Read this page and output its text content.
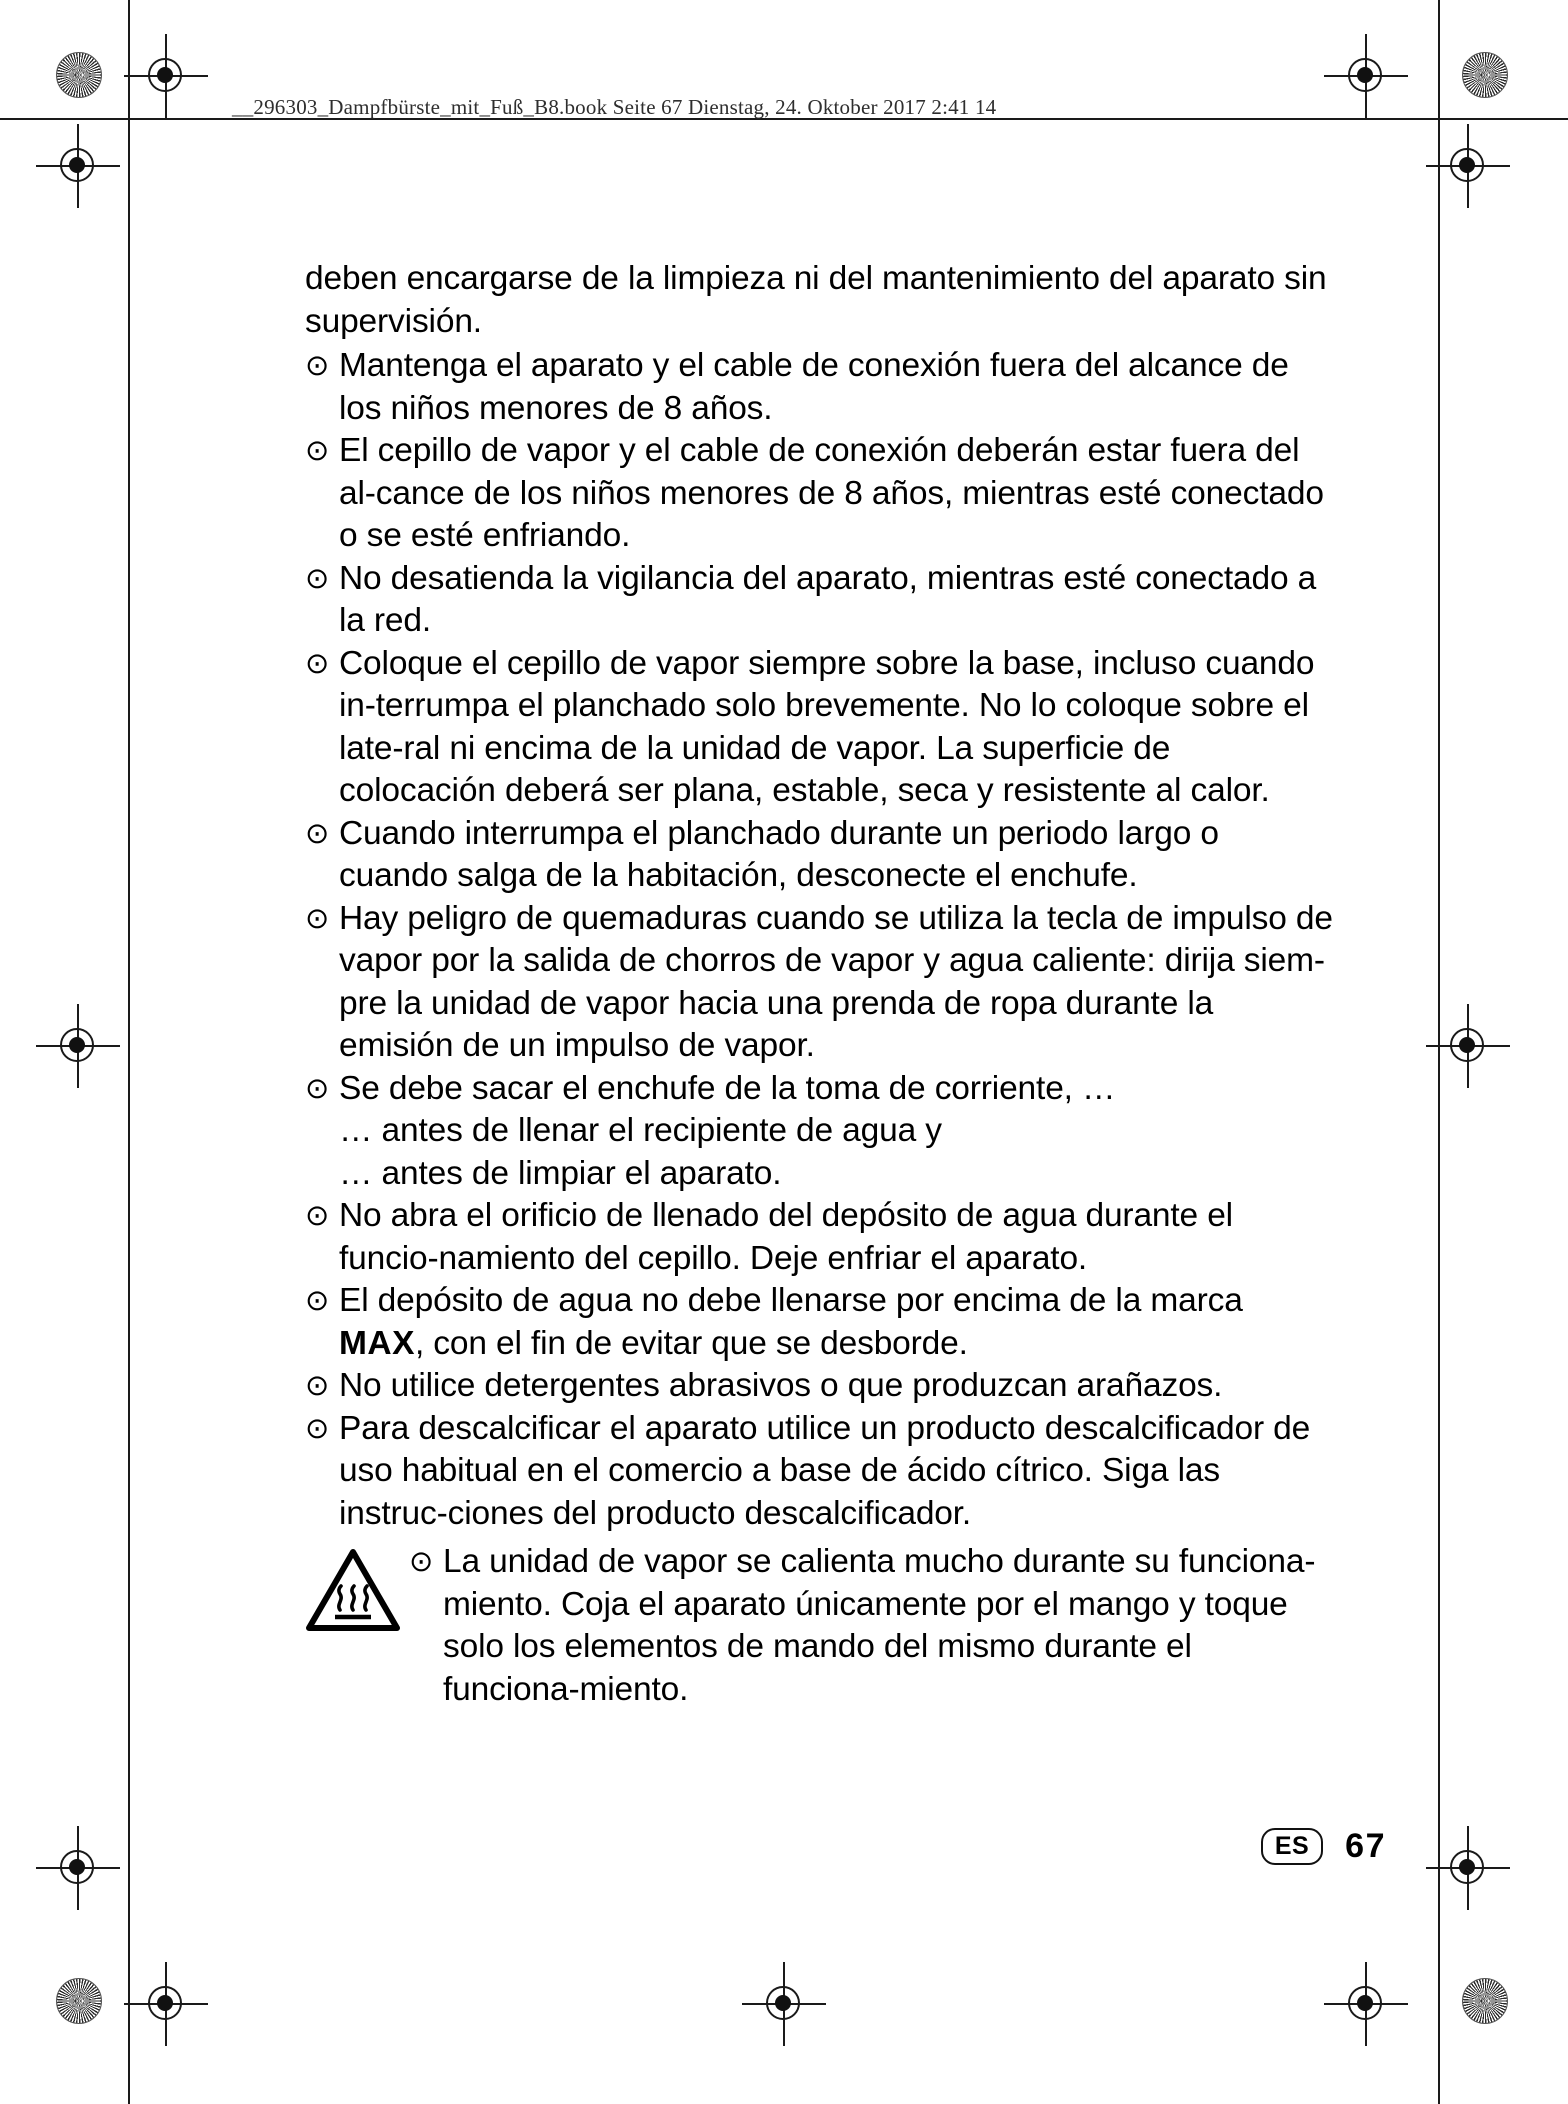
__296303_Dampfbürste_mit_Fuß_B8.book Seite 67 Dienstag, 24. Oktober 2017 2:41 14

deben encargarse de la limpieza ni del mantenimiento del aparato sin supervisión.

⊙ Mantenga el aparato y el cable de conexión fuera del alcance de los niños menores de 8 años.
⊙ El cepillo de vapor y el cable de conexión deberán estar fuera del al-cance de los niños menores de 8 años, mientras esté conectado o se esté enfriando.
⊙ No desatienda la vigilancia del aparato, mientras esté conectado a la red.
⊙ Coloque el cepillo de vapor siempre sobre la base, incluso cuando in-terrumpa el planchado solo brevemente. No lo coloque sobre el late-ral ni encima de la unidad de vapor. La superficie de colocación deberá ser plana, estable, seca y resistente al calor.
⊙ Cuando interrumpa el planchado durante un periodo largo o cuando salga de la habitación, desconecte el enchufe.
⊙ Hay peligro de quemaduras cuando se utiliza la tecla de impulso de vapor por la salida de chorros de vapor y agua caliente: dirija siem-pre la unidad de vapor hacia una prenda de ropa durante la emisión de un impulso de vapor.
⊙ Se debe sacar el enchufe de la toma de corriente, …

… antes de llenar el recipiente de agua y

… antes de limpiar el aparato.

⊙ No abra el orificio de llenado del depósito de agua durante el funcio-namiento del cepillo. Deje enfriar el aparato.
⊙ El depósito de agua no debe llenarse por encima de la marca MAX, con el fin de evitar que se desborde.
⊙ No utilice detergentes abrasivos o que produzcan arañazos.
⊙ Para descalcificar el aparato utilice un producto descalcificador de uso habitual en el comercio a base de ácido cítrico. Siga las instruc-ciones del producto descalcificador.
⊙ La unidad de vapor se calienta mucho durante su funciona-miento. Coja el aparato únicamente por el mango y toque solo los elementos de mando del mismo durante el funciona-miento.
ES	67
